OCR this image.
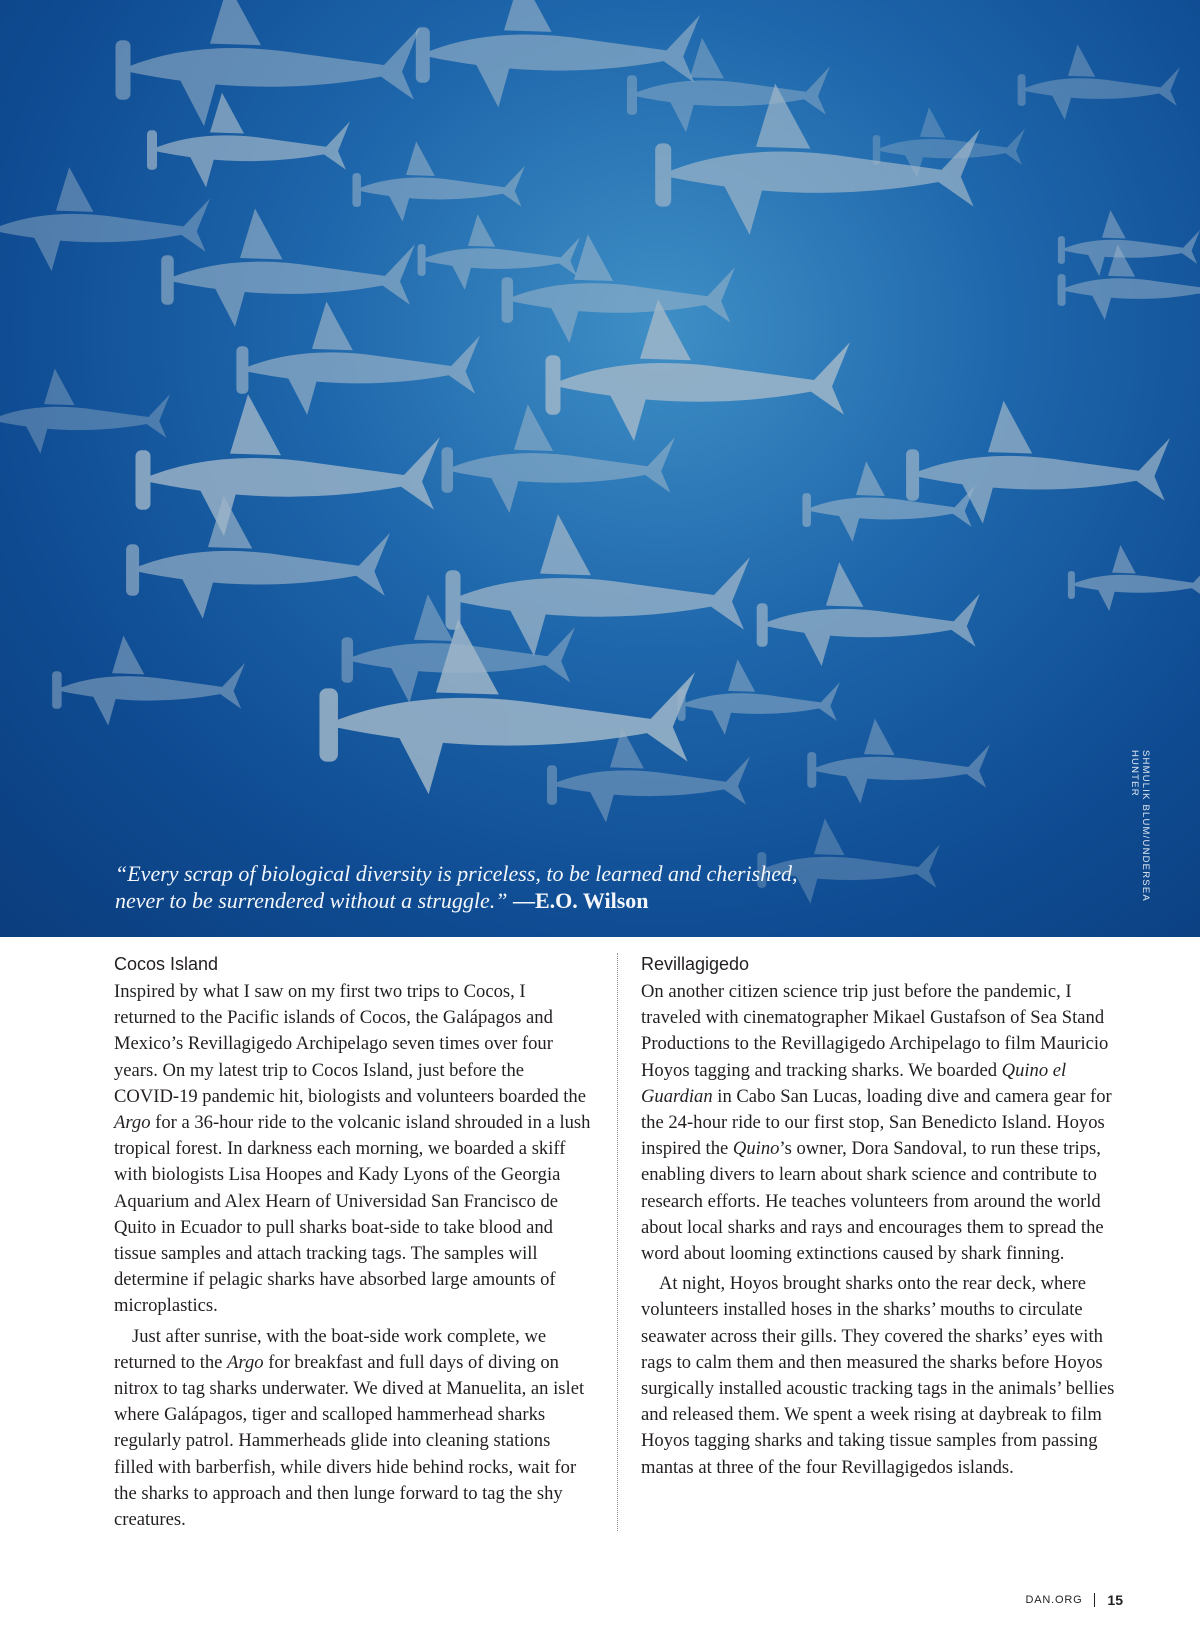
“Every scrap of biological diversity is priceless, to be learned and cherished, never to be surrendered without a struggle.” —E.O. Wilson	SHMULIK BLUM/UNDERSEA HUNTER
Cocos Island

Inspired by what I saw on my first two trips to Cocos, I returned to the Pacific islands of Cocos, the Galápagos and Mexico’s Revillagigedo Archipelago seven times over four years. On my latest trip to Cocos Island, just before the COVID-19 pandemic hit, biologists and volunteers boarded the Argo for a 36-hour ride to the volcanic island shrouded in a lush tropical forest. In darkness each morning, we boarded a skiff with biologists Lisa Hoopes and Kady Lyons of the Georgia Aquarium and Alex Hearn of Universidad San Francisco de Quito in Ecuador to pull sharks boat-side to take blood and tissue samples and attach tracking tags. The samples will determine if pelagic sharks have absorbed large amounts of microplastics.

Just after sunrise, with the boat-side work complete, we returned to the Argo for breakfast and full days of diving on nitrox to tag sharks underwater. We dived at Manuelita, an islet where Galápagos, tiger and scalloped hammerhead sharks regularly patrol. Hammerheads glide into cleaning stations filled with barberfish, while divers hide behind rocks, wait for the sharks to approach and then lunge forward to tag the shy creatures.

Revillagigedo

On another citizen science trip just before the pandemic, I traveled with cinematographer Mikael Gustafson of Sea Stand Productions to the Revillagigedo Archipelago to film Mauricio Hoyos tagging and tracking sharks. We boarded Quino el Guardian in Cabo San Lucas, loading dive and camera gear for the 24-hour ride to our first stop, San Benedicto Island. Hoyos inspired the Quino’s owner, Dora Sandoval, to run these trips, enabling divers to learn about shark science and contribute to research efforts. He teaches volunteers from around the world about local sharks and rays and encourages them to spread the word about looming extinctions caused by shark finning.

At night, Hoyos brought sharks onto the rear deck, where volunteers installed hoses in the sharks’ mouths to circulate seawater across their gills. They covered the sharks’ eyes with rags to calm them and then measured the sharks before Hoyos surgically installed acoustic tracking tags in the animals’ bellies and released them. We spent a week rising at daybreak to film Hoyos tagging sharks and taking tissue samples from passing mantas at three of the four Revillagigedos islands.

DAN.ORG 15
